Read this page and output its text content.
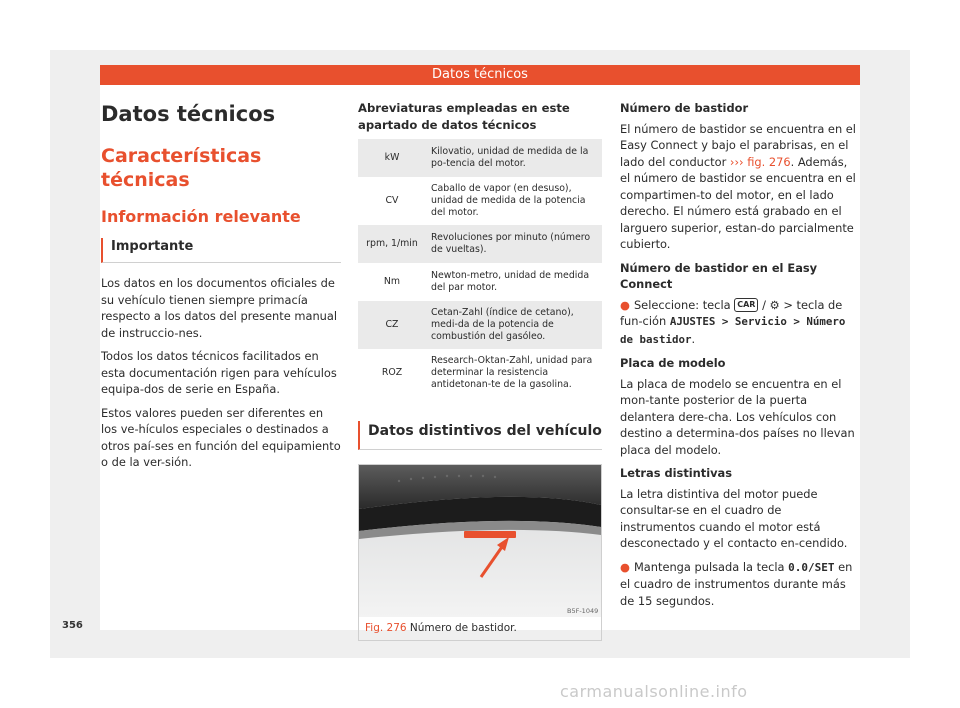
Datos técnicos
Datos técnicos
Características técnicas
Información relevante
Importante

Los datos en los documentos oficiales de su vehículo tienen siempre primacía respecto a los datos del presente manual de instruccio-nes.

Todos los datos técnicos facilitados en esta documentación rigen para vehículos equipa-dos de serie en España.

Estos valores pueden ser diferentes en los ve-hículos especiales o destinados a otros paí-ses en función del equipamiento o de la ver-sión.

Abreviaturas empleadas en este apartado de datos técnicos
kW	Kilovatio, unidad de medida de la po-tencia del motor.
CV	Caballo de vapor (en desuso), unidad de medida de la potencia del motor.
rpm, 1/min	Revoluciones por minuto (número de vueltas).
Nm	Newton-metro, unidad de medida del par motor.
CZ	Cetan-Zahl (índice de cetano), medi-da de la potencia de combustión del gasóleo.
ROZ	Research-Oktan-Zahl, unidad para determinar la resistencia antidetonan-te de la gasolina.
Datos distintivos del vehículo
B5F-1049
Fig. 276 Número de bastidor.
Número de bastidor

El número de bastidor se encuentra en el Easy Connect y bajo el parabrisas, en el lado del conductor ››› fig. 276. Además, el número de bastidor se encuentra en el compartimen-to del motor, en el lado derecho. El número está grabado en el larguero superior, estan-do parcialmente cubierto.

Número de bastidor en el Easy Connect

● Seleccione: tecla CAR / ⚙ > tecla de fun-ción AJUSTES > Servicio > Número de bastidor.

Placa de modelo

La placa de modelo se encuentra en el mon-tante posterior de la puerta delantera dere-cha. Los vehículos con destino a determina-dos países no llevan placa del modelo.

Letras distintivas

La letra distintiva del motor puede consultar-se en el cuadro de instrumentos cuando el motor está desconectado y el contacto en-cendido.

● Mantenga pulsada la tecla 0.0/SET en el cuadro de instrumentos durante más de 15 segundos.

356
carmanualsonline.info
